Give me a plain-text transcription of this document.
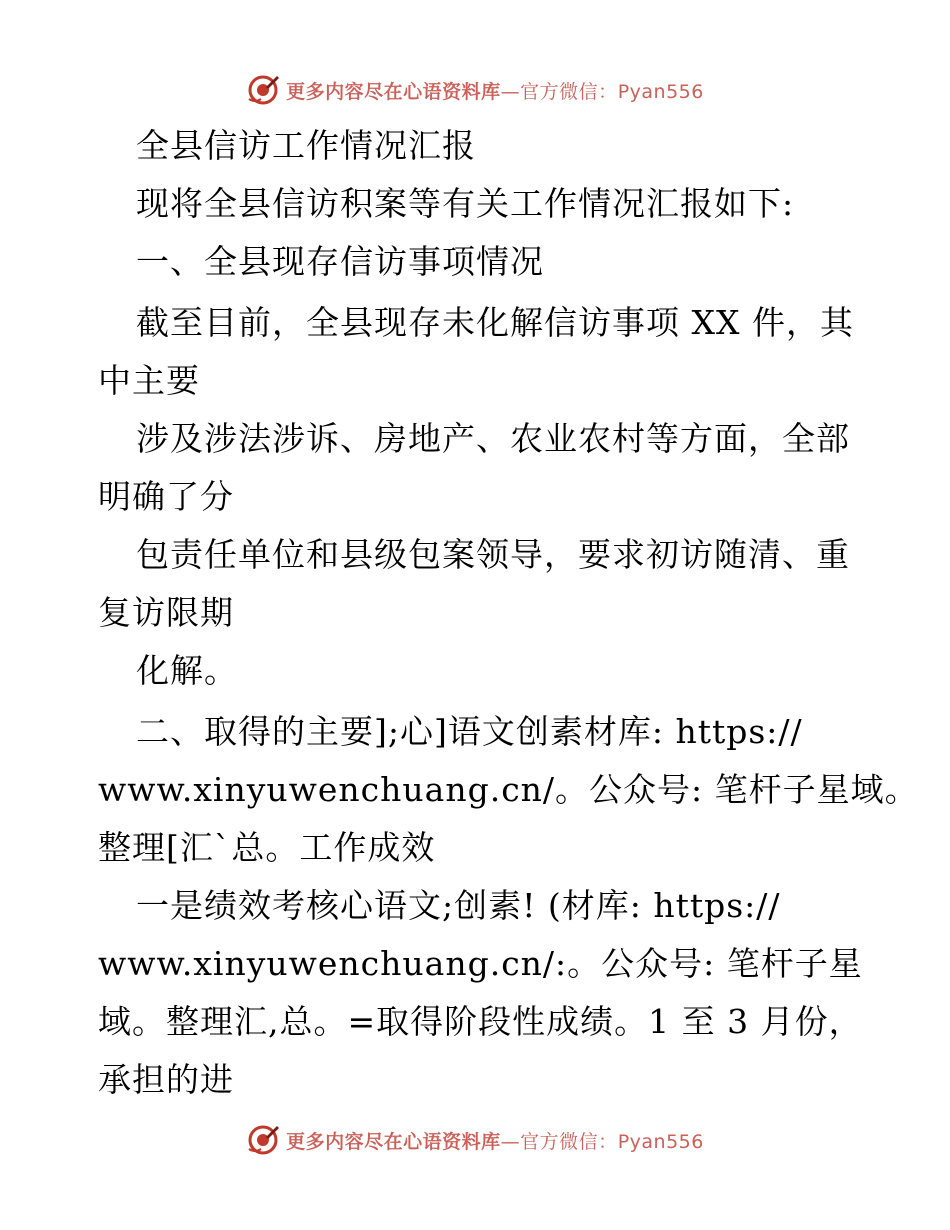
更多内容尽在心语资料库—官方微信：Pyan556
全县信访工作情况汇报
现将全县信访积案等有关工作情况汇报如下:
一、全县现存信访事项情况
截至目前，全县现存未化解信访事项 XX 件，其
中主要
涉及涉法涉诉、房地产、农业农村等方面，全部
明确了分
包责任单位和县级包案领导，要求初访随清、重
复访限期
化解。
二、取得的主要];心]语文创素材库: https://
www.xinyuwenchuang.cn/。公众号: 笔杆子星域。
整理[汇`总。工作成效
一是绩效考核心语文;创素! (材库: https://
www.xinyuwenchuang.cn/:。公众号: 笔杆子星
域。整理汇,总。=取得阶段性成绩。1 至 3 月份，
承担的进
更多内容尽在心语资料库—官方微信：Pyan556
